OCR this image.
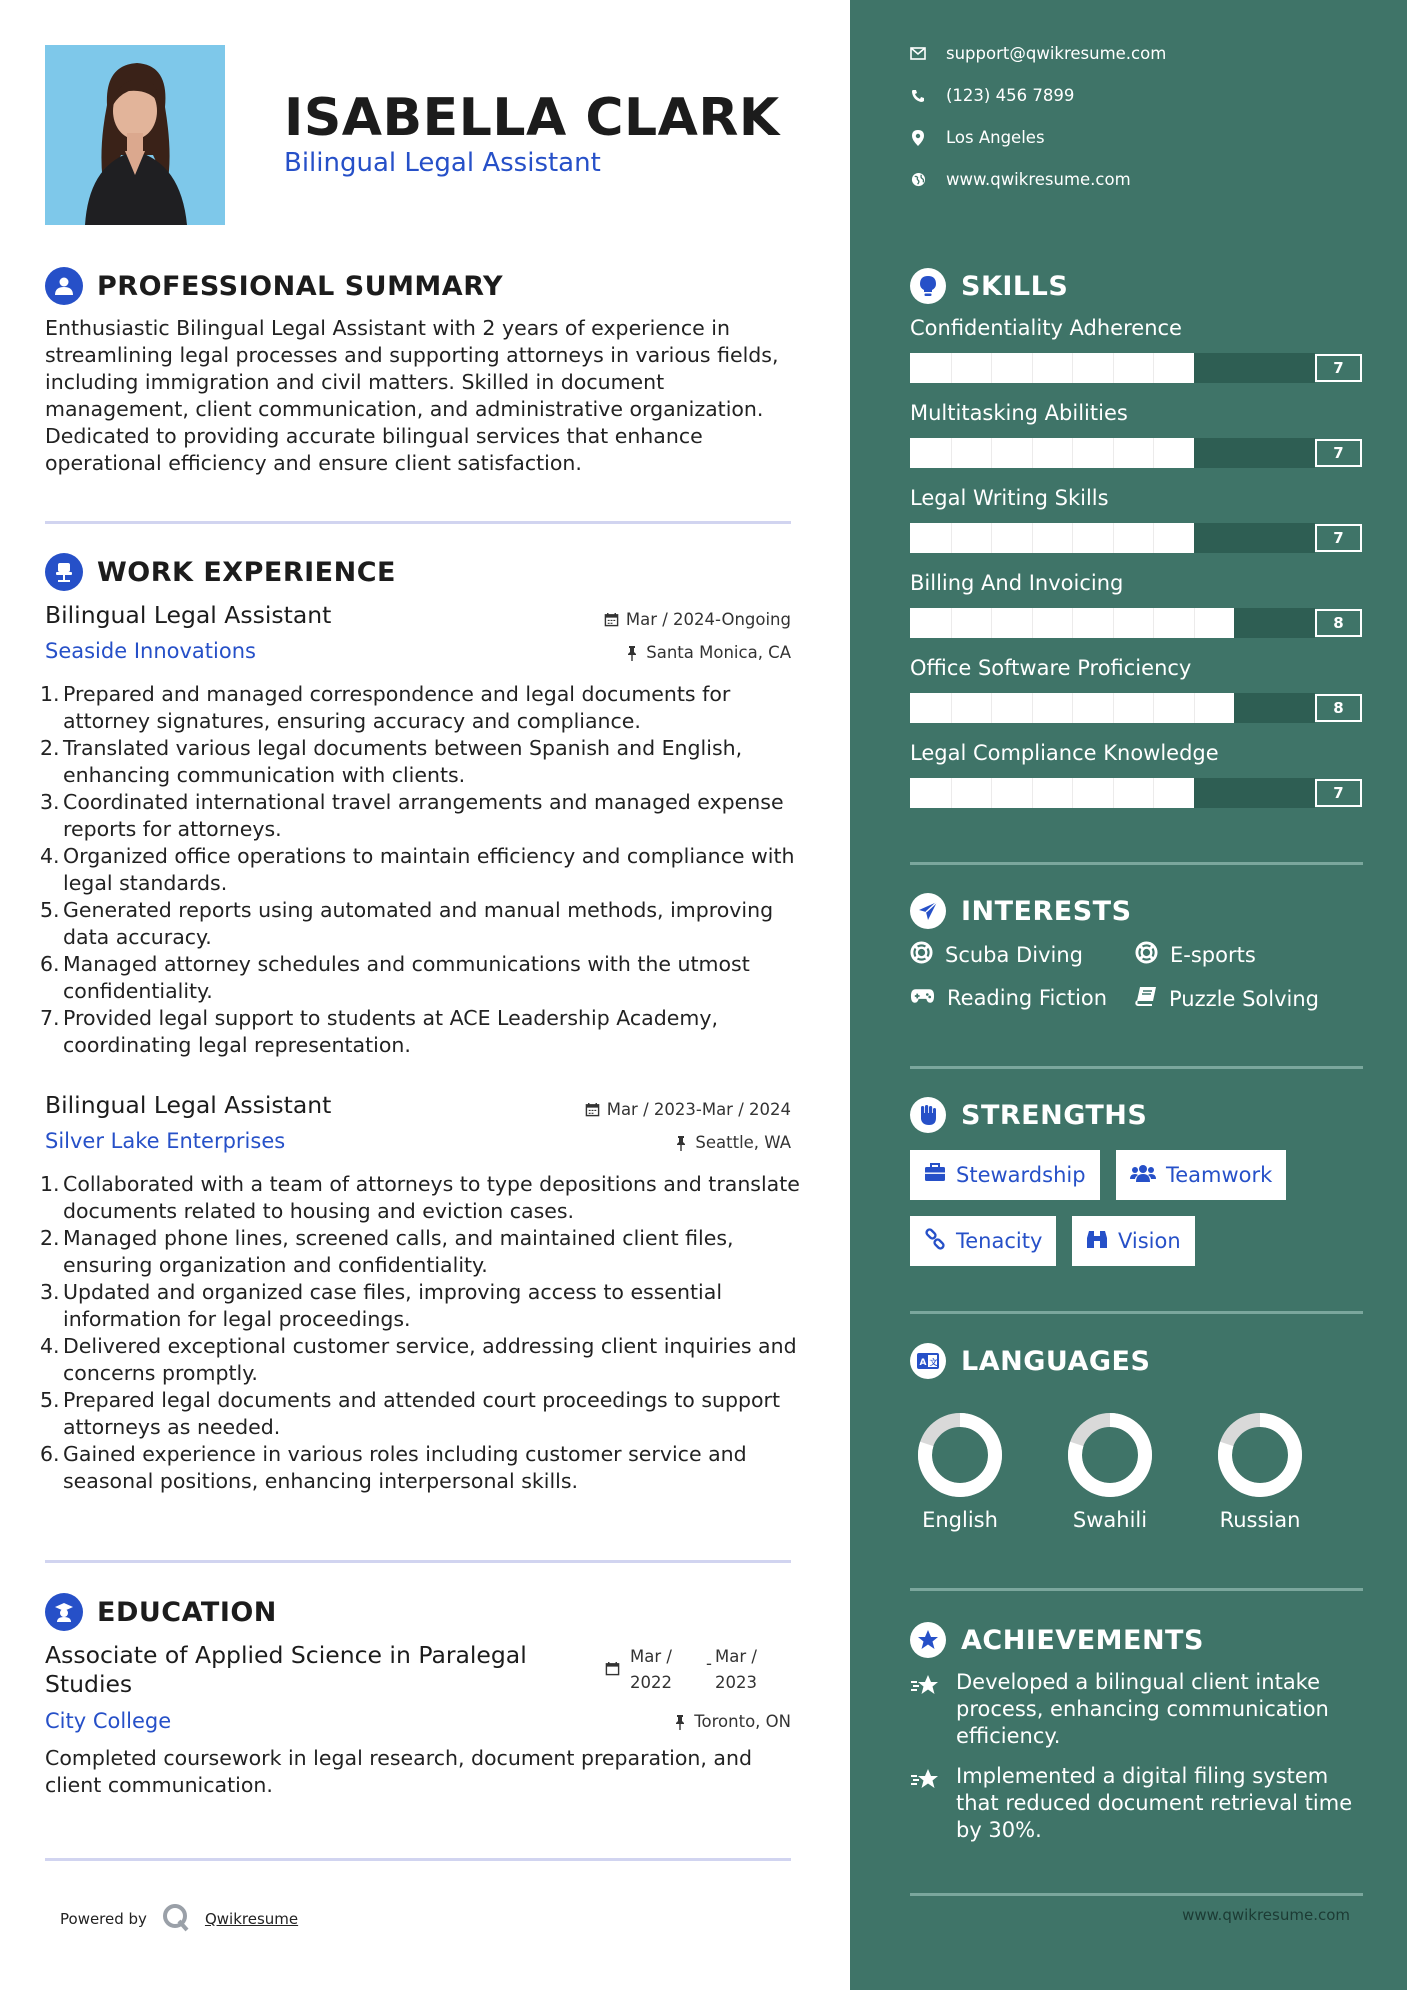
ISABELLA CLARK
Bilingual Legal Assistant
PROFESSIONAL SUMMARY
Enthusiastic Bilingual Legal Assistant with 2 years of experience in streamlining legal processes and supporting attorneys in various fields, including immigration and civil matters. Skilled in document management, client communication, and administrative organization. Dedicated to providing accurate bilingual services that enhance operational efficiency and ensure client satisfaction.
WORK EXPERIENCE
Bilingual Legal Assistant	Mar / 2024-Ongoing
Seaside Innovations	Santa Monica, CA
1. Prepared and managed correspondence and legal documents for attorney signatures, ensuring accuracy and compliance.
2. Translated various legal documents between Spanish and English, enhancing communication with clients.
3. Coordinated international travel arrangements and managed expense reports for attorneys.
4. Organized office operations to maintain efficiency and compliance with legal standards.
5. Generated reports using automated and manual methods, improving data accuracy.
6. Managed attorney schedules and communications with the utmost confidentiality.
7. Provided legal support to students at ACE Leadership Academy, coordinating legal representation.
Bilingual Legal Assistant	Mar / 2023-Mar / 2024
Silver Lake Enterprises	Seattle, WA
1. Collaborated with a team of attorneys to type depositions and translate documents related to housing and eviction cases.
2. Managed phone lines, screened calls, and maintained client files, ensuring organization and confidentiality.
3. Updated and organized case files, improving access to essential information for legal proceedings.
4. Delivered exceptional customer service, addressing client inquiries and concerns promptly.
5. Prepared legal documents and attended court proceedings to support attorneys as needed.
6. Gained experience in various roles including customer service and seasonal positions, enhancing interpersonal skills.
EDUCATION
Associate of Applied Science in Paralegal
Studies
Mar /
2022
- Mar /
2023
City College	Toronto, ON
Completed coursework in legal research, document preparation, and client communication.
Powered by	Qwikresume
support@qwikresume.com
(123) 456 7899
Los Angeles
www.qwikresume.com
SKILLS
Confidentiality Adherence
7
Multitasking Abilities
7
Legal Writing Skills
7
Billing And Invoicing
8
Office Software Proficiency
8
Legal Compliance Knowledge
7
INTERESTS
Scuba Diving	E-sports
Reading Fiction	Puzzle Solving
STRENGTHS
Stewardship	Teamwork
Tenacity	Vision
A 文 LANGUAGES
English	Swahili	Russian
ACHIEVEMENTS
Developed a bilingual client intake
process, enhancing communication
efficiency.
Implemented a digital filing system
that reduced document retrieval time
by 30%.
www.qwikresume.com
